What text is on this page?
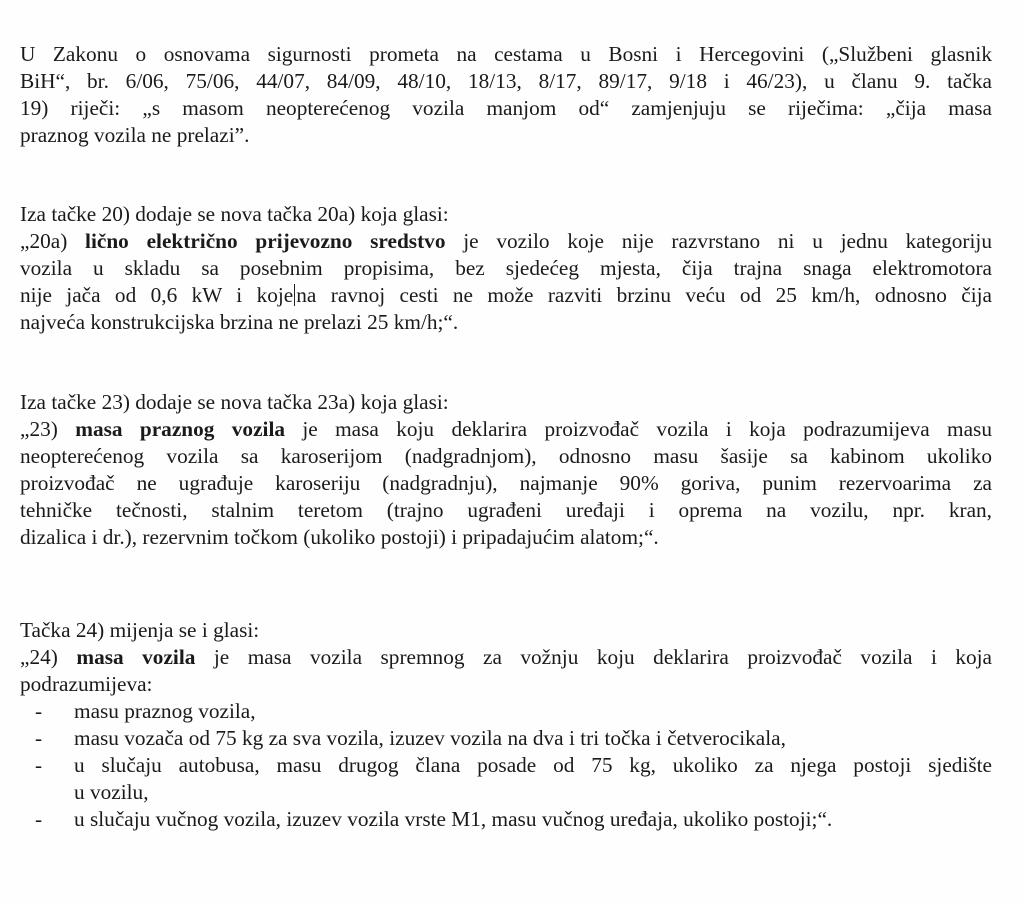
U Zakonu o osnovama sigurnosti prometa na cestama u Bosni i Hercegovini („Službeni glasnik
BiH“, br. 6/06, 75/06, 44/07, 84/09, 48/10, 18/13, 8/17, 89/17, 9/18 i 46/23), u članu 9. tačka
19) riječi: „s masom neopterećenog vozila manjom od“ zamjenjuju se riječima: „čija masa
praznog vozila ne prelazi”.
Iza tačke 20) dodaje se nova tačka 20a) koja glasi:
„20a) lično električno prijevozno sredstvo je vozilo koje nije razvrstano ni u jednu kategoriju
vozila u skladu sa posebnim propisima, bez sjedećeg mjesta, čija trajna snaga elektromotora
nije jača od 0,6 kW i koje na ravnoj cesti ne može razviti brzinu veću od 25 km/h, odnosno čija
najveća konstrukcijska brzina ne prelazi 25 km/h;“.
Iza tačke 23) dodaje se nova tačka 23a) koja glasi:
„23) masa praznog vozila je masa koju deklarira proizvođač vozila i koja podrazumijeva masu
neopterećenog vozila sa karoserijom (nadgradnjom), odnosno masu šasije sa kabinom ukoliko
proizvođač ne ugrađuje karoseriju (nadgradnju), najmanje 90% goriva, punim rezervoarima za
tehničke tečnosti, stalnim teretom (trajno ugrađeni uređaji i oprema na vozilu, npr. kran,
dizalica i dr.), rezervnim točkom (ukoliko postoji) i pripadajućim alatom;“.
Tačka 24) mijenja se i glasi:
„24) masa vozila je masa vozila spremnog za vožnju koju deklarira proizvođač vozila i koja
podrazumijeva:
- masu praznog vozila,
- masu vozača od 75 kg za sva vozila, izuzev vozila na dva i tri točka i četverocikala,
- u slučaju autobusa, masu drugog člana posade od 75 kg, ukoliko za njega postoji sjedište
u vozilu,
- u slučaju vučnog vozila, izuzev vozila vrste M1, masu vučnog uređaja, ukoliko postoji;“.
